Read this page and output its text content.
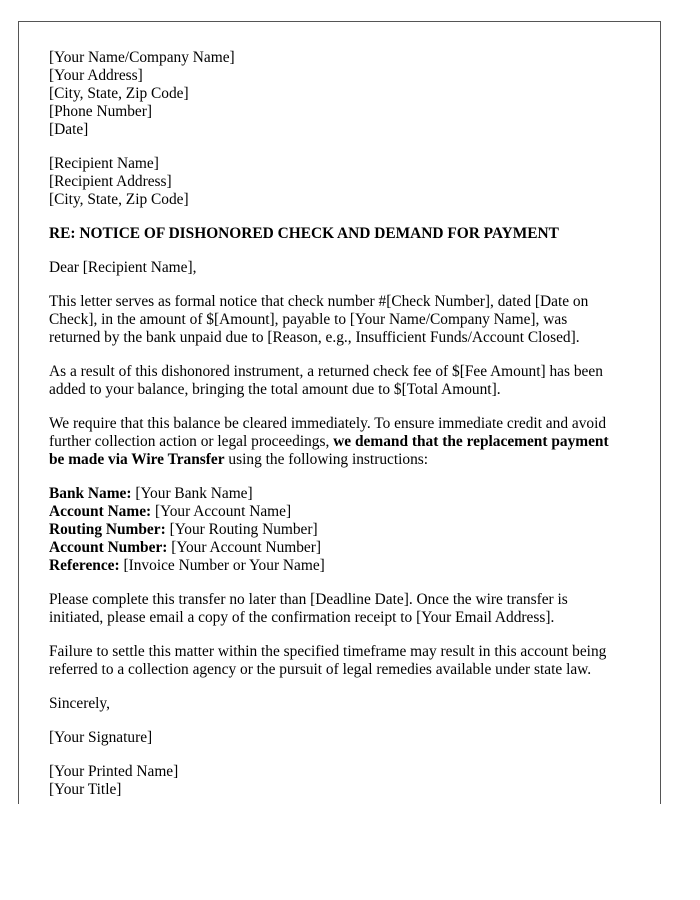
[Your Name/Company Name]
[Your Address]
[City, State, Zip Code]
[Phone Number]
[Date]
[Recipient Name]
[Recipient Address]
[City, State, Zip Code]
RE: NOTICE OF DISHONORED CHECK AND DEMAND FOR PAYMENT
Dear [Recipient Name],
This letter serves as formal notice that check number #[Check Number], dated [Date on
Check], in the amount of $[Amount], payable to [Your Name/Company Name], was
returned by the bank unpaid due to [Reason, e.g., Insufficient Funds/Account Closed].
As a result of this dishonored instrument, a returned check fee of $[Fee Amount] has been
added to your balance, bringing the total amount due to $[Total Amount].
We require that this balance be cleared immediately. To ensure immediate credit and avoid
further collection action or legal proceedings, we demand that the replacement payment
be made via Wire Transfer using the following instructions:
Bank Name: [Your Bank Name]
Account Name: [Your Account Name]
Routing Number: [Your Routing Number]
Account Number: [Your Account Number]
Reference: [Invoice Number or Your Name]
Please complete this transfer no later than [Deadline Date]. Once the wire transfer is
initiated, please email a copy of the confirmation receipt to [Your Email Address].
Failure to settle this matter within the specified timeframe may result in this account being
referred to a collection agency or the pursuit of legal remedies available under state law.
Sincerely,
[Your Signature]
[Your Printed Name]
[Your Title]
